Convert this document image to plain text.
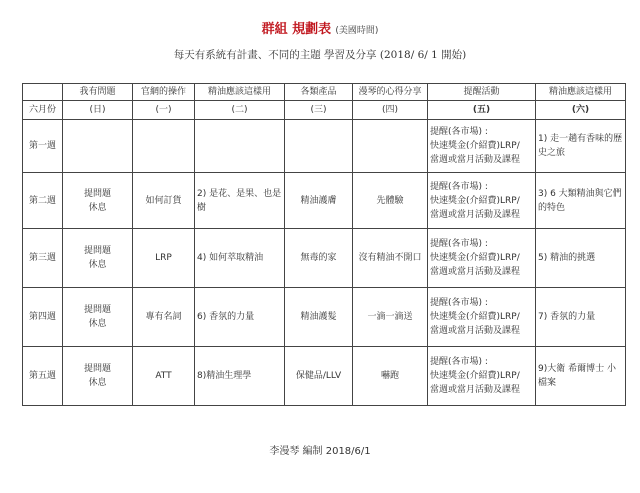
群組 規劃表 (美國時間)
每天有系統有計畫、不同的主題 學習及分享 (2018/ 6/ 1 開始)
	我有問題	官網的操作	精油應該這樣用	各類產品	漫琴的心得分享	提醒活動	精油應該這樣用
六月份	(日)	(一)	(二)	(三)	(四)	(五)	(六)
第一週						提醒(各市場) :
快速獎金(介紹費)LRP/
當週或當月活動及課程	1) 走一趟有香味的歷史之旅
第二週	提問題
休息	如何訂貨	2) 是花、是果、也是樹	精油護膚	先體驗	提醒(各市場) :
快速獎金(介紹費)LRP/
當週或當月活動及課程	3) 6 大類精油與它們的特色
第三週	提問題
休息	LRP	4) 如何萃取精油	無毒的家	沒有精油不開口	提醒(各市場) :
快速獎金(介紹費)LRP/
當週或當月活動及課程	5) 精油的挑選
第四週	提問題
休息	專有名詞	6) 香氛的力量	精油護髮	一滴一滴送	提醒(各市場) :
快速獎金(介紹費)LRP/
當週或當月活動及課程	7) 香氛的力量
第五週	提問題
休息	ATT	8)精油生理學	保健品/LLV	嚇跑	提醒(各市場) :
快速獎金(介紹費)LRP/
當週或當月活動及課程	9)大衛 希爾博士 小檔案
李漫琴 編制 2018/6/1
